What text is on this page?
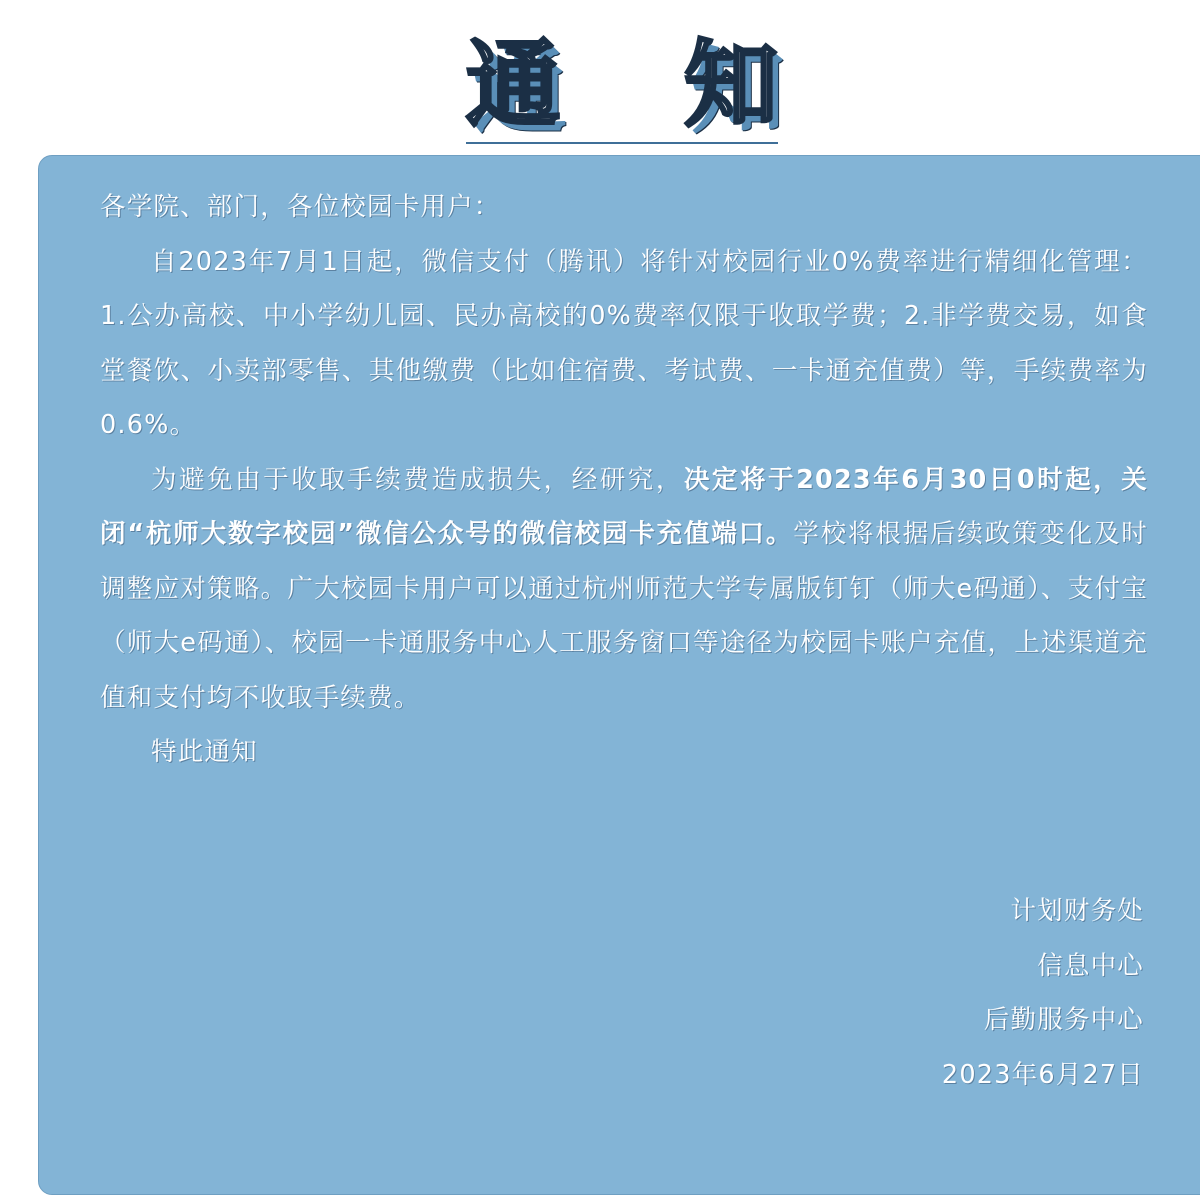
通 知

各学院、部门，各位校园卡用户：

自2023年7月1日起，微信支付（腾讯）将针对校园行业0%费率进行精细化管理：1.公办高校、中小学幼儿园、民办高校的0%费率仅限于收取学费；2.非学费交易，如食堂餐饮、小卖部零售、其他缴费（比如住宿费、考试费、一卡通充值费）等，手续费率为0.6%。

为避免由于收取手续费造成损失，经研究，决定将于2023年6月30日0时起，关闭“杭师大数字校园”微信公众号的微信校园卡充值端口。学校将根据后续政策变化及时调整应对策略。广大校园卡用户可以通过杭州师范大学专属版钉钉（师大e码通）、支付宝（师大e码通）、校园一卡通服务中心人工服务窗口等途径为校园卡账户充值，上述渠道充值和支付均不收取手续费。

特此通知

计划财务处
信息中心
后勤服务中心
2023年6月27日
